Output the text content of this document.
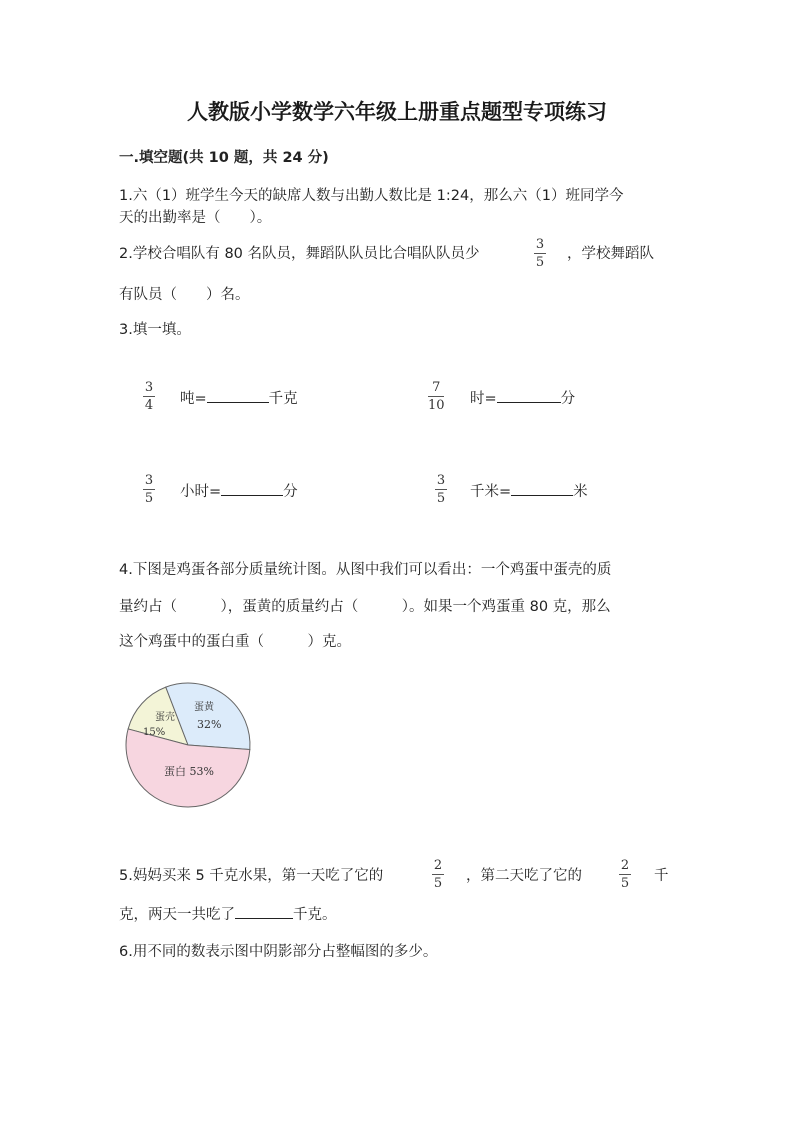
人教版小学数学六年级上册重点题型专项练习
一.填空题(共 10 题，共 24 分)
1.六（1）班学生今天的缺席人数与出勤人数比是 1:24，那么六（1）班同学今
天的出勤率是（　　）。
2.学校合唱队有 80 名队员，舞蹈队队员比合唱队队员少
3
5
，学校舞蹈队
有队员（　　）名。
3.填一填。
3
4 吨=	千克
7
10 时=	分
3
5 小时=	分
3
5 千米=	米
4.下图是鸡蛋各部分质量统计图。从图中我们可以看出：一个鸡蛋中蛋壳的质
量约占（　　　），蛋黄的质量约占（　　　）。如果一个鸡蛋重 80 克，那么
这个鸡蛋中的蛋白重（　　　）克。
蛋壳
15%
蛋黄
32%
蛋白 53%
5.妈妈买来 5 千克水果，第一天吃了它的
2
5 ，第二天吃了它的
2
5 千
克，两天一共吃了	千克。
6.用不同的数表示图中阴影部分占整幅图的多少。
